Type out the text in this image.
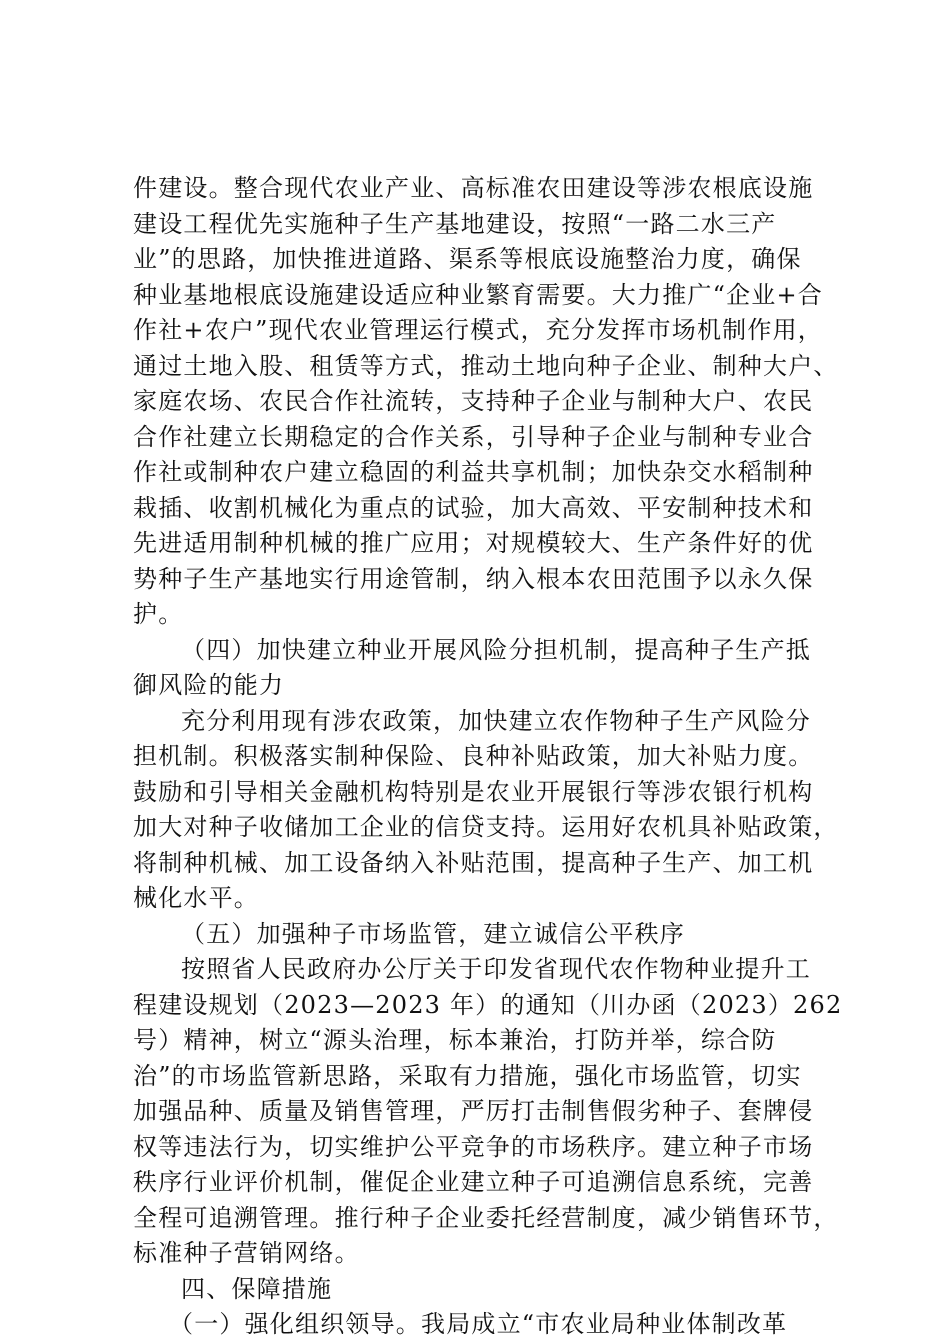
件建设。整合现代农业产业、高标准农田建设等涉农根底设施
建设工程优先实施种子生产基地建设，按照“一路二水三产
业”的思路，加快推进道路、渠系等根底设施整治力度，确保
种业基地根底设施建设适应种业繁育需要。大力推广“企业+合
作社+农户”现代农业管理运行模式，充分发挥市场机制作用，
通过土地入股、租赁等方式，推动土地向种子企业、制种大户、
家庭农场、农民合作社流转，支持种子企业与制种大户、农民
合作社建立长期稳定的合作关系，引导种子企业与制种专业合
作社或制种农户建立稳固的利益共享机制；加快杂交水稻制种
栽插、收割机械化为重点的试验，加大高效、平安制种技术和
先进适用制种机械的推广应用；对规模较大、生产条件好的优
势种子生产基地实行用途管制，纳入根本农田范围予以永久保
护。
（四）加快建立种业开展风险分担机制，提高种子生产抵
御风险的能力
充分利用现有涉农政策，加快建立农作物种子生产风险分
担机制。积极落实制种保险、良种补贴政策，加大补贴力度。
鼓励和引导相关金融机构特别是农业开展银行等涉农银行机构
加大对种子收储加工企业的信贷支持。运用好农机具补贴政策，
将制种机械、加工设备纳入补贴范围，提高种子生产、加工机
械化水平。
（五）加强种子市场监管，建立诚信公平秩序
按照省人民政府办公厅关于印发省现代农作物种业提升工
程建设规划（2023—2023 年）的通知（川办函（2023）262
号）精神，树立“源头治理，标本兼治，打防并举，综合防
治”的市场监管新思路，采取有力措施，强化市场监管，切实
加强品种、质量及销售管理，严厉打击制售假劣种子、套牌侵
权等违法行为，切实维护公平竞争的市场秩序。建立种子市场
秩序行业评价机制，催促企业建立种子可追溯信息系统，完善
全程可追溯管理。推行种子企业委托经营制度，减少销售环节，
标准种子营销网络。
四、保障措施
（一）强化组织领导。我局成立“市农业局种业体制改革
